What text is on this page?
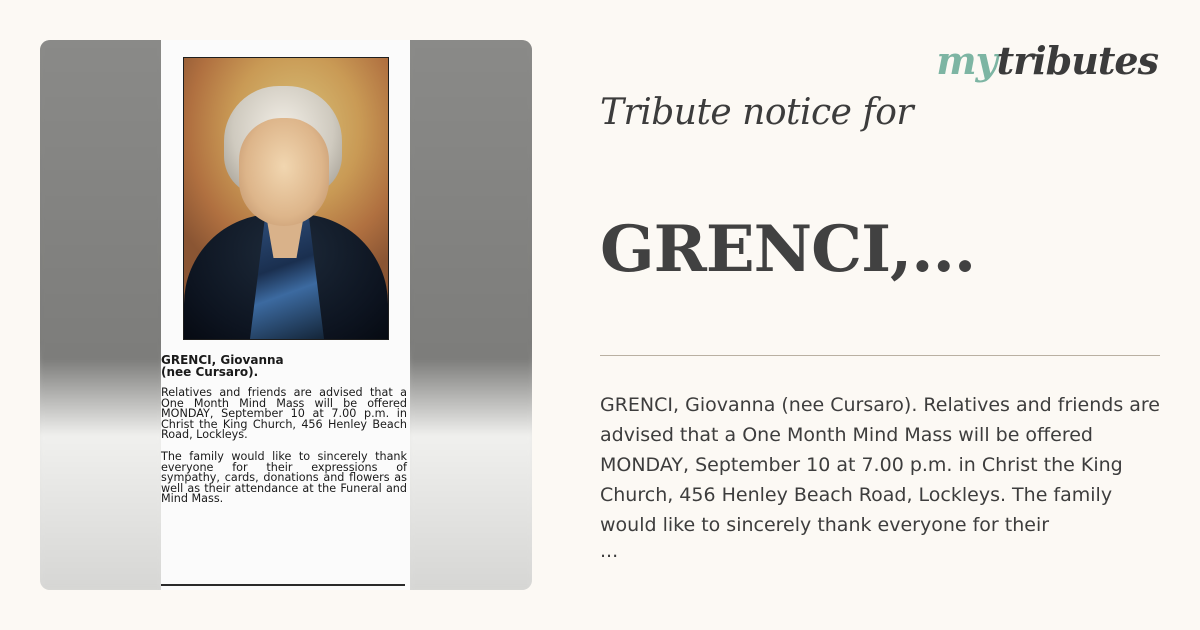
GRENCI, Giovanna
(nee Cursaro).

Relatives and friends are advised that a One Month Mind Mass will be offered MONDAY, September 10 at 7.00 p.m. in Christ the King Church, 456 Henley Beach Road, Lockleys.

The family would like to sincerely thank everyone for their expressions of sympathy, cards, donations and flowers as well as their attendance at the Funeral and Mind Mass.

mytributes
Tribute notice for
GRENCI,...
GRENCI, Giovanna (nee Cursaro). Relatives and friends are advised that a One Month Mind Mass will be offered MONDAY, September 10 at 7.00 p.m. in Christ the King Church, 456 Henley Beach Road, Lockleys. The family would like to sincerely thank everyone for their
...
